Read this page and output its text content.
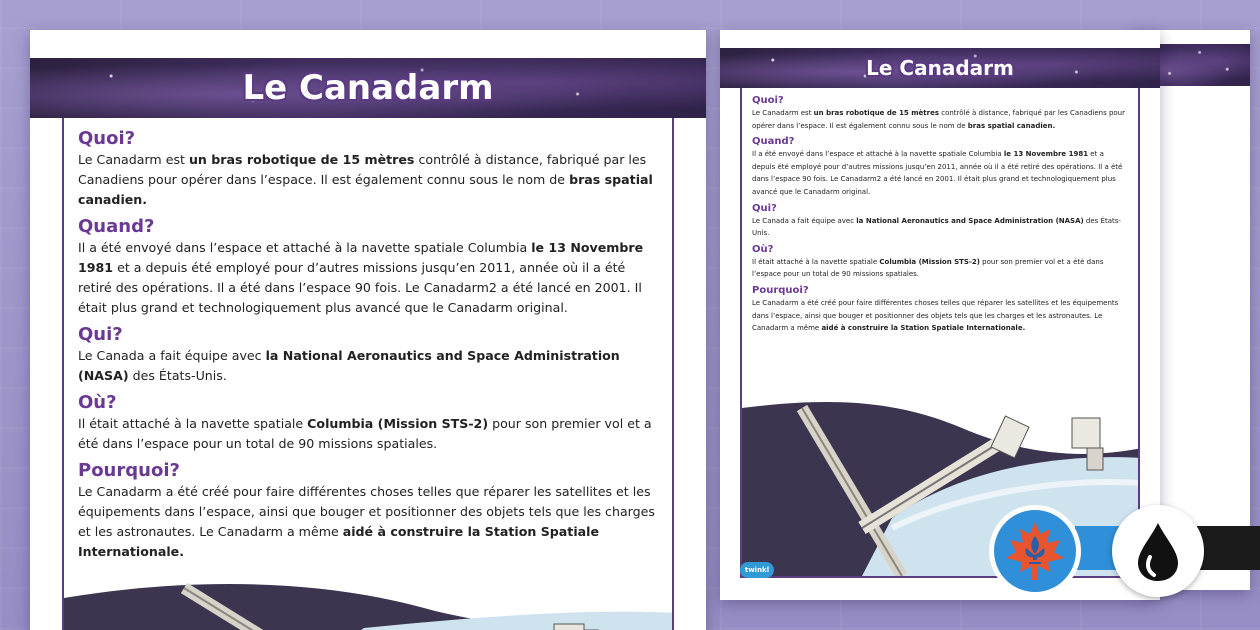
Le Canadarm
Quoi?
Le Canadarm est un bras robotique de 15 mètres contrôlé à distance, fabriqué par les Canadiens pour opérer dans l’espace. Il est également connu sous le nom de bras spatial canadien.
Quand?
Il a été envoyé dans l’espace et attaché à la navette spatiale Columbia le 13 Novembre 1981 et a depuis été employé pour d’autres missions jusqu’en 2011, année où il a été retiré des opérations. Il a été dans l’espace 90 fois. Le Canadarm2 a été lancé en 2001. Il était plus grand et technologiquement plus avancé que le Canadarm original.
Qui?
Le Canada a fait équipe avec la National Aeronautics and Space Administration (NASA) des États-Unis.
Où?
Il était attaché à la navette spatiale Columbia (Mission STS-2) pour son premier vol et a été dans l’espace pour un total de 90 missions spatiales.
Pourquoi?
Le Canadarm a été créé pour faire différentes choses telles que réparer les satellites et les équipements dans l’espace, ainsi que bouger et positionner des objets tels que les charges et les astronautes. Le Canadarm a même aidé à construire la Station Spatiale Internationale.
Le Canadarm
Quoi?
Le Canadarm est un bras robotique de 15 mètres contrôlé à distance, fabriqué par les Canadiens pour opérer dans l’espace. Il est également connu sous le nom de bras spatial canadien.
Quand?
Il a été envoyé dans l’espace et attaché à la navette spatiale Columbia le 13 Novembre 1981 et a depuis été employé pour d’autres missions jusqu’en 2011, année où il a été retiré des opérations. Il a été dans l’espace 90 fois. Le Canadarm2 a été lancé en 2001. Il était plus grand et technologiquement plus avancé que le Canadarm original.
Qui?
Le Canada a fait équipe avec la National Aeronautics and Space Administration (NASA) des États-Unis.
Où?
Il était attaché à la navette spatiale Columbia (Mission STS-2) pour son premier vol et a été dans l’espace pour un total de 90 missions spatiales.
Pourquoi?
Le Canadarm a été créé pour faire différentes choses telles que réparer les satellites et les équipements dans l’espace, ainsi que bouger et positionner des objets tels que les charges et les astronautes. Le Canadarm a même aidé à construire la Station Spatiale Internationale.
twinkl
